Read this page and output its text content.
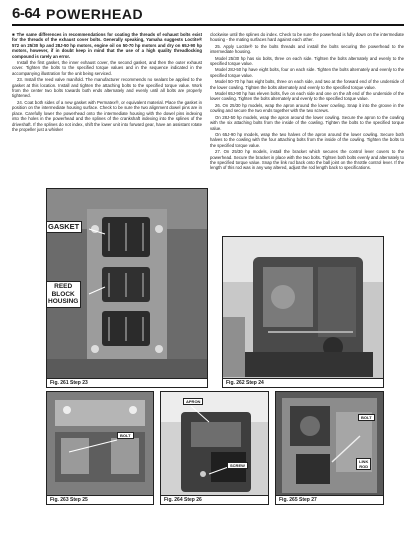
6-64 POWERHEAD

■ The same differences in recommendations for coating the threads of exhaust bolts exist for the threads of the exhaust cover bolts. Generally speaking, Yamaha suggests Loctite® 572 on 25/30 hp and 28J-50 hp motors, engine oil on 50-70 hp motors and dry on 65J-90 hp motors, however, if in doubt keep in mind that the use of a high quality threadlocking compound is rarely an error.

Install the first gasket, the inner exhaust cover, the second gasket, and then the outer exhaust cover. Tighten the bolts to the specified torque values and in the sequence indicated in the accompanying illustration for the unit being serviced.

23. Install the reed valve manifold. The manufacturer recommends no sealant be applied to the gasket at this location. Install and tighten the attaching bolts to the specified torque value. Work from the center two bolts towards both ends alternately and evenly until all bolts are properly tightened.

24. Coat both sides of a new gasket with Permatex®, or equivalent material. Place the gasket in position on the intermediate housing surface. Check to be sure the two alignment dowel pins are in place. Carefully lower the powerhead onto the intermediate housing with the dowel pins indexing into the holes in the powerhead and the splines of the crankshaft indexing into the splines of the driveshaft. If the splines do not index, shift the lower unit into forward gear, have an assistant rotate the propeller just a whisker

clockwise until the splines do index. Check to be sure the powerhead is fully down on the intermediate housing - the mating surfaces hard against each other.

25. Apply Loctite® to the bolts threads and install the bolts securing the powerhead to the intermediate housing.

Model 25/30 hp has six bolts, three on each side. Tighten the bolts alternately and evenly to the specified torque value.

Model 28J-50 hp have eight bolts, four on each side. Tighten the bolts alternately and evenly to the specified torque value.

Model 50-70 hp has eight bolts, three on each side, and two at the forward end of the underside of the lower cowling. Tighten the bolts alternately and evenly to the specified torque value.

Model 65J-90 hp has eleven bolts, five on each side and one on the aft end of the underside of the lower cowling. Tighten the bolts alternately and evenly to the specified torque value.

26. On 25/30 hp models, wrap the apron around the lower cowling. Snap it into the groove in the cowling and secure the two ends together with the two screws.

On 28J-50 hp models, wrap the apron around the lower cowling. Secure the apron to the cowling with the six attaching bolts from the inside of the cowling. Tighten the bolts to the specified torque value.

On 65J-90 hp models, wrap the two halves of the apron around the lower cowling. Secure both halves to the cowling with the four attaching bolts from the inside of the cowling. Tighten the bolts to the specified torque value.

27. On 25/30 hp models, install the bracket which secures the control lever covers to the powerhead. Secure the bracket in place with the two bolts. Tighten both bolts evenly and alternately to the specified torque value. Snap the link rod back onto the ball joint on the throttle control lever. If the length of this rod was in any way altered, adjust the rod length back to specifications.

GASKET
REED
BLOCK
HOUSING
Fig. 261 Step 23	Fig. 262 Step 24
BOLT
Fig. 263 Step 25
APRON
SCREW
Fig. 264 Step 26
BOLT
LINK
ROD
Fig. 265 Step 27
